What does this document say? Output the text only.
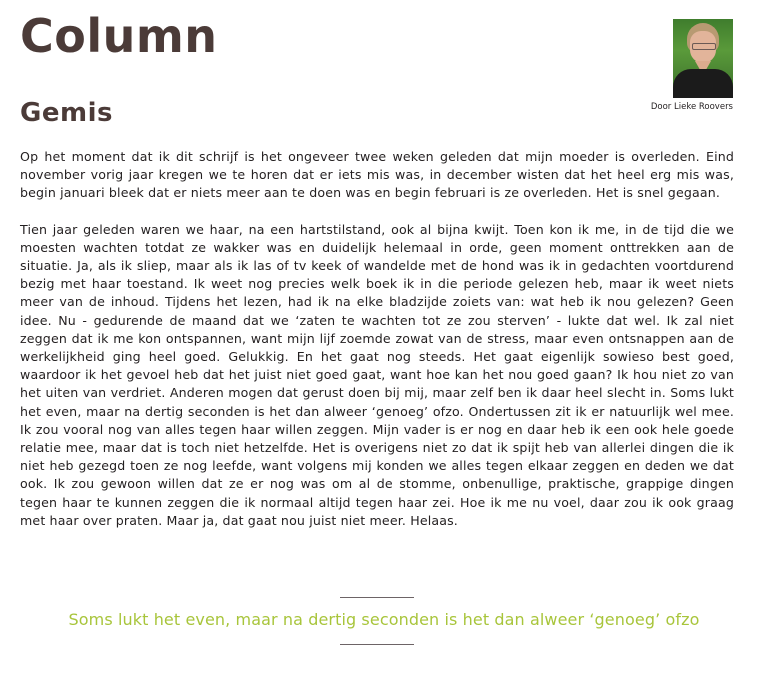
Column
Gemis	Door Lieke Roovers

Op het moment dat ik dit schrijf is het ongeveer twee weken geleden dat mijn moeder is overleden. Eind november vorig jaar kregen we te horen dat er iets mis was, in december wisten dat het heel erg mis was, begin januari bleek dat er niets meer aan te doen was en begin februari is ze overleden. Het is snel gegaan.

Tien jaar geleden waren we haar, na een hartstilstand, ook al bijna kwijt. Toen kon ik me, in de tijd die we moesten wachten totdat ze wakker was en duidelijk helemaal in orde, geen moment onttrekken aan de situatie. Ja, als ik sliep, maar als ik las of tv keek of wandelde met de hond was ik in gedachten voortdurend bezig met haar toestand. Ik weet nog precies welk boek ik in die periode gelezen heb, maar ik weet niets meer van de inhoud. Tijdens het lezen, had ik na elke bladzijde zoiets van: wat heb ik nou gelezen? Geen idee. Nu - gedurende de maand dat we ‘zaten te wachten tot ze zou sterven’ - lukte dat wel. Ik zal niet zeggen dat ik me kon ontspannen, want mijn lijf zoemde zowat van de stress, maar even ontsnappen aan de werkelijkheid ging heel goed. Gelukkig. En het gaat nog steeds. Het gaat eigenlijk sowieso best goed, waardoor ik het gevoel heb dat het juist niet goed gaat, want hoe kan het nou goed gaan? Ik hou niet zo van het uiten van verdriet. Anderen mogen dat gerust doen bij mij, maar zelf ben ik daar heel slecht in. Soms lukt het even, maar na dertig seconden is het dan alweer ‘genoeg’ ofzo. Ondertussen zit ik er natuurlijk wel mee. Ik zou vooral nog van alles tegen haar willen zeggen. Mijn vader is er nog en daar heb ik een ook hele goede relatie mee, maar dat is toch niet hetzelfde. Het is overigens niet zo dat ik spijt heb van allerlei dingen die ik niet heb gezegd toen ze nog leefde, want volgens mij konden we alles tegen elkaar zeggen en deden we dat ook. Ik zou gewoon willen dat ze er nog was om al de stomme, onbenullige, praktische, grappige dingen tegen haar te kunnen zeggen die ik normaal altijd tegen haar zei. Hoe ik me nu voel, daar zou ik ook graag met haar over praten. Maar ja, dat gaat nou juist niet meer. Helaas.

Soms lukt het even, maar na dertig seconden is het dan alweer ‘genoeg’ ofzo
